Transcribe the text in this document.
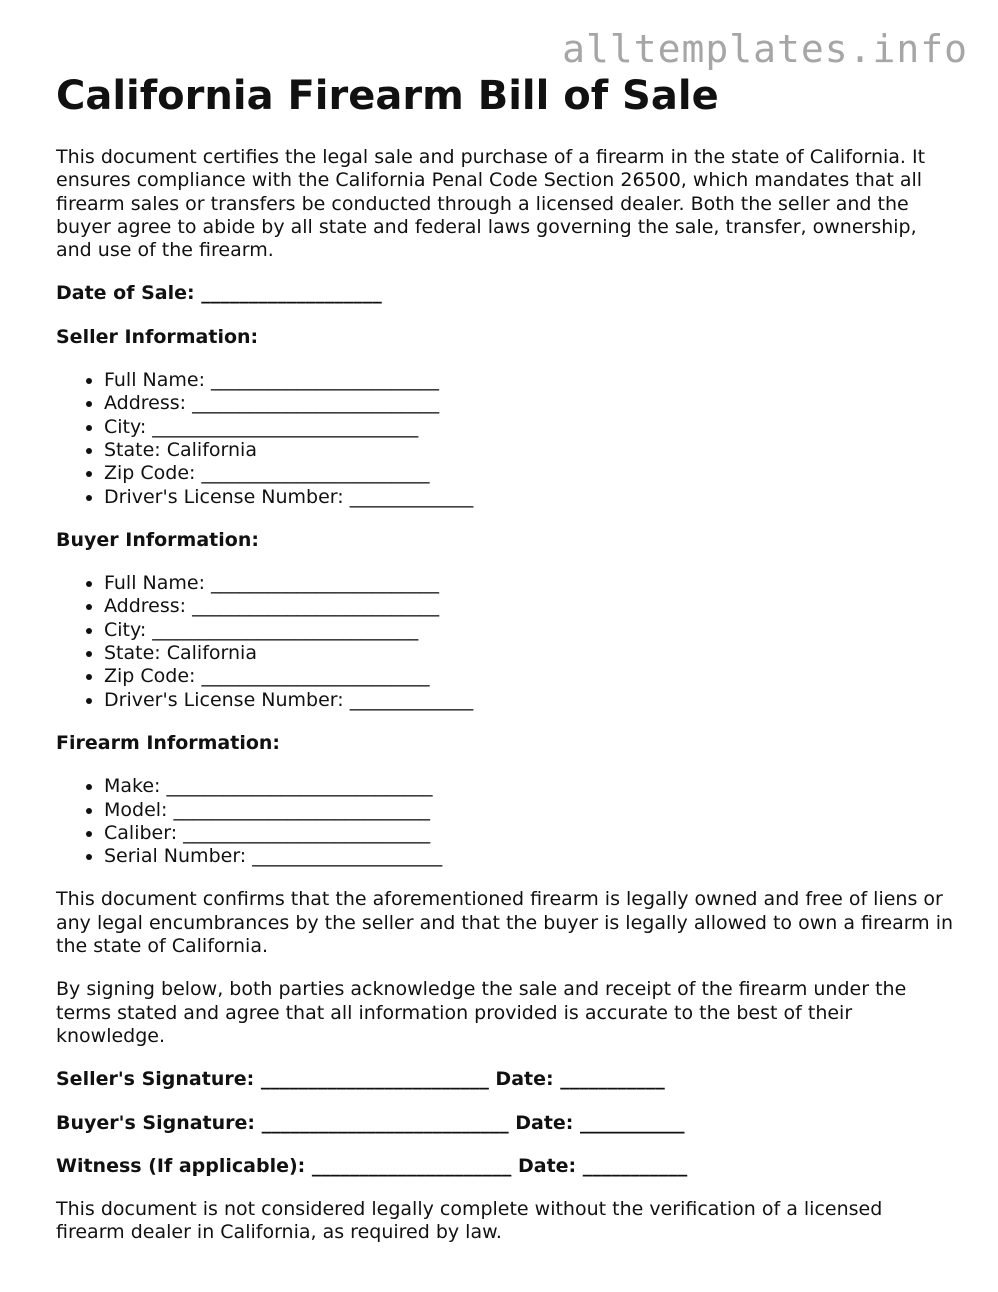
alltemplates.info
California Firearm Bill of Sale

This document certifies the legal sale and purchase of a firearm in the state of California. It ensures compliance with the California Penal Code Section 26500, which mandates that all firearm sales or transfers be conducted through a licensed dealer. Both the seller and the buyer agree to abide by all state and federal laws governing the sale, transfer, ownership, and use of the firearm.

Date of Sale: ___________________
Seller Information:
• Full Name: ________________________
• Address: __________________________
• City: ____________________________
• State: California
• Zip Code: ________________________
• Driver's License Number: _____________
Buyer Information:
• Full Name: ________________________
• Address: __________________________
• City: ____________________________
• State: California
• Zip Code: ________________________
• Driver's License Number: _____________
Firearm Information:
• Make: ____________________________
• Model: ___________________________
• Caliber: __________________________
• Serial Number: ____________________

This document confirms that the aforementioned firearm is legally owned and free of liens or any legal encumbrances by the seller and that the buyer is legally allowed to own a firearm in the state of California.

By signing below, both parties acknowledge the sale and receipt of the firearm under the terms stated and agree that all information provided is accurate to the best of their knowledge.

Seller's Signature: ________________________ Date: ___________
Buyer's Signature: __________________________ Date: ___________
Witness (If applicable): _____________________ Date: ___________

This document is not considered legally complete without the verification of a licensed firearm dealer in California, as required by law.
